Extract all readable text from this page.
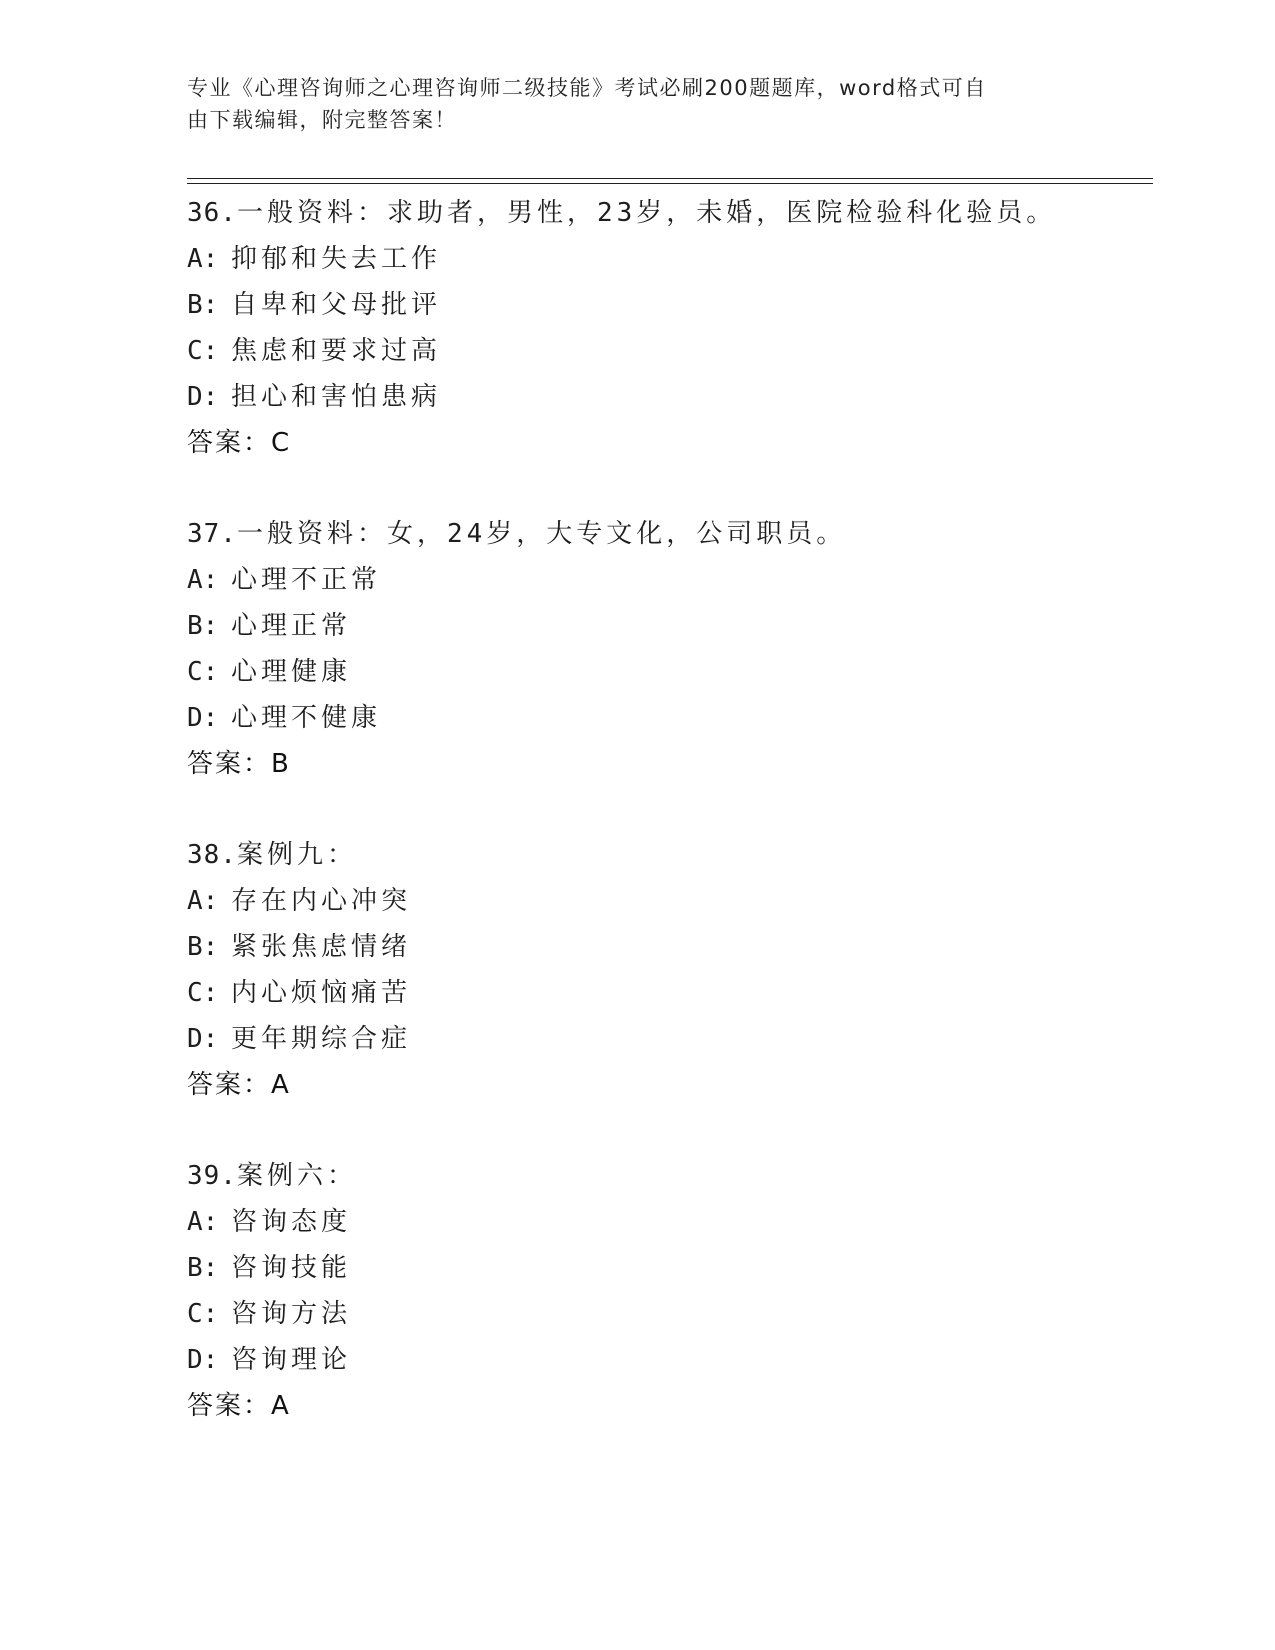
专业《心理咨询师之心理咨询师二级技能》考试必刷200题题库，word格式可自
由下载编辑，附完整答案！
36.一般资料：求助者，男性，23岁，未婚，医院检验科化验员。
A: 抑郁和失去工作
B: 自卑和父母批评
C: 焦虑和要求过高
D: 担心和害怕患病
答案：C
37.一般资料：女，24岁，大专文化，公司职员。
A: 心理不正常
B: 心理正常
C: 心理健康
D: 心理不健康
答案：B
38.案例九：
A: 存在内心冲突
B: 紧张焦虑情绪
C: 内心烦恼痛苦
D: 更年期综合症
答案：A
39.案例六：
A: 咨询态度
B: 咨询技能
C: 咨询方法
D: 咨询理论
答案：A
